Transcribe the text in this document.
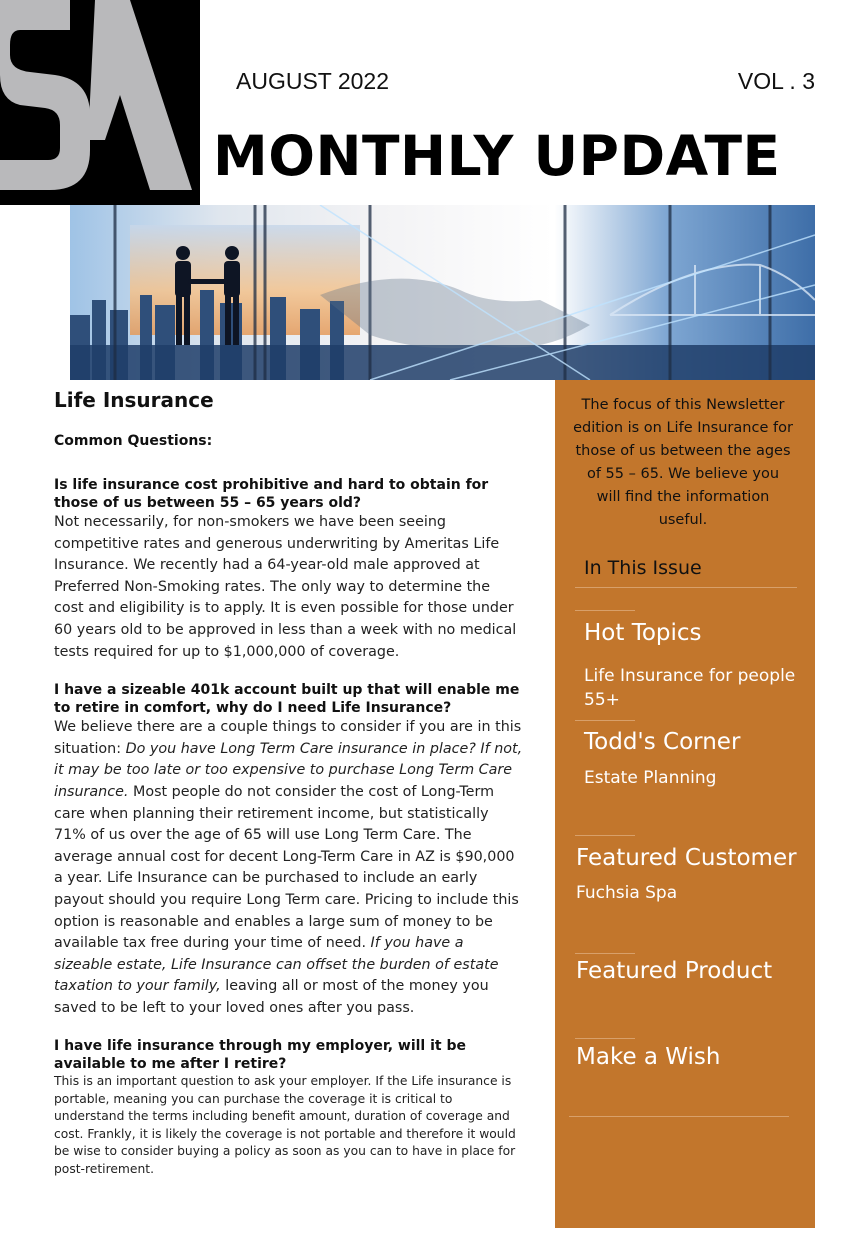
AUGUST 2022	VOL . 3
MONTHLY UPDATE
Life Insurance
Common Questions:
Is life insurance cost prohibitive and hard to obtain for those of us between 55 – 65 years old?

Not necessarily, for non-smokers we have been seeing competitive rates and generous underwriting by Ameritas Life Insurance. We recently had a 64-year-old male approved at Preferred Non-Smoking rates. The only way to determine the cost and eligibility is to apply. It is even possible for those under 60 years old to be approved in less than a week with no medical tests required for up to $1,000,000 of coverage.

I have a sizeable 401k account built up that will enable me to retire in comfort, why do I need Life Insurance?

We believe there are a couple things to consider if you are in this situation: Do you have Long Term Care insurance in place? If not, it may be too late or too expensive to purchase Long Term Care insurance. Most people do not consider the cost of Long-Term care when planning their retirement income, but statistically 71% of us over the age of 65 will use Long Term Care. The average annual cost for decent Long-Term Care in AZ is $90,000 a year. Life Insurance can be purchased to include an early payout should you require Long Term care. Pricing to include this option is reasonable and enables a large sum of money to be available tax free during your time of need. If you have a sizeable estate, Life Insurance can offset the burden of estate taxation to your family, leaving all or most of the money you saved to be left to your loved ones after you pass.

I have life insurance through my employer, will it be available to me after I retire?

This is an important question to ask your employer. If the Life insurance is portable, meaning you can purchase the coverage it is critical to understand the terms including benefit amount, duration of coverage and cost. Frankly, it is likely the coverage is not portable and therefore it would be wise to consider buying a policy as soon as you can to have in place for post-retirement.

The focus of this Newsletter edition is on Life Insurance for those of us between the ages of 55 – 65. We believe you will find the information useful.
In This Issue
Hot Topics
Life Insurance for people 55+
Todd's Corner
Estate Planning
Featured Customer
Fuchsia Spa
Featured Product
Make a Wish
